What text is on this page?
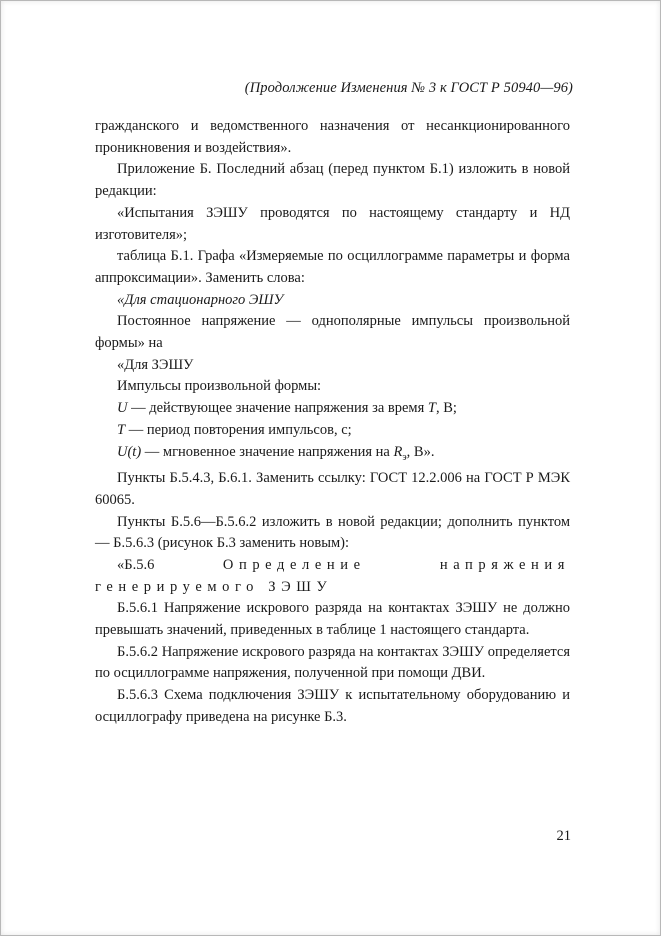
(Продолжение Изменения № 3 к ГОСТ Р 50940—96)

гражданского и ведомственного назначения от несанкционированного проникновения и воздействия».

Приложение Б. Последний абзац (перед пунктом Б.1) изложить в новой редакции:

«Испытания ЗЭШУ проводятся по настоящему стандарту и НД изготовителя»;

таблица Б.1. Графа «Измеряемые по осциллограмме параметры и формa аппроксимации». Заменить слова:

«Для стационарного ЭШУ

Постоянное напряжение — однополярные импульсы произвольной формы» на

«Для ЗЭШУ

Импульсы произвольной формы:

U — действующее значение напряжения за время T, В;

T — период повторения импульсов, с;

U(t) — мгновенное значение напряжения на $R_э$, В».

Пункты Б.5.4.3, Б.6.1. Заменить ссылку: ГОСТ 12.2.006 на ГОСТ Р МЭК 60065.

Пункты Б.5.6—Б.5.6.2 изложить в новой редакции; дополнить пунктом — Б.5.6.3 (рисунок Б.3 заменить новым):

«Б.5.6 Определение напряжения генерируемого ЗЭШУ

Б.5.6.1 Напряжение искрового разряда на контактах ЗЭШУ не должно превышать значений, приведенных в таблице 1 настоящего стандарта.

Б.5.6.2 Напряжение искрового разряда на контактах ЗЭШУ определяется по осциллограмме напряжения, полученной при помощи ДВИ.

Б.5.6.3 Схема подключения ЗЭШУ к испытательному оборудованию и осциллографу приведена на рисунке Б.3.

21
